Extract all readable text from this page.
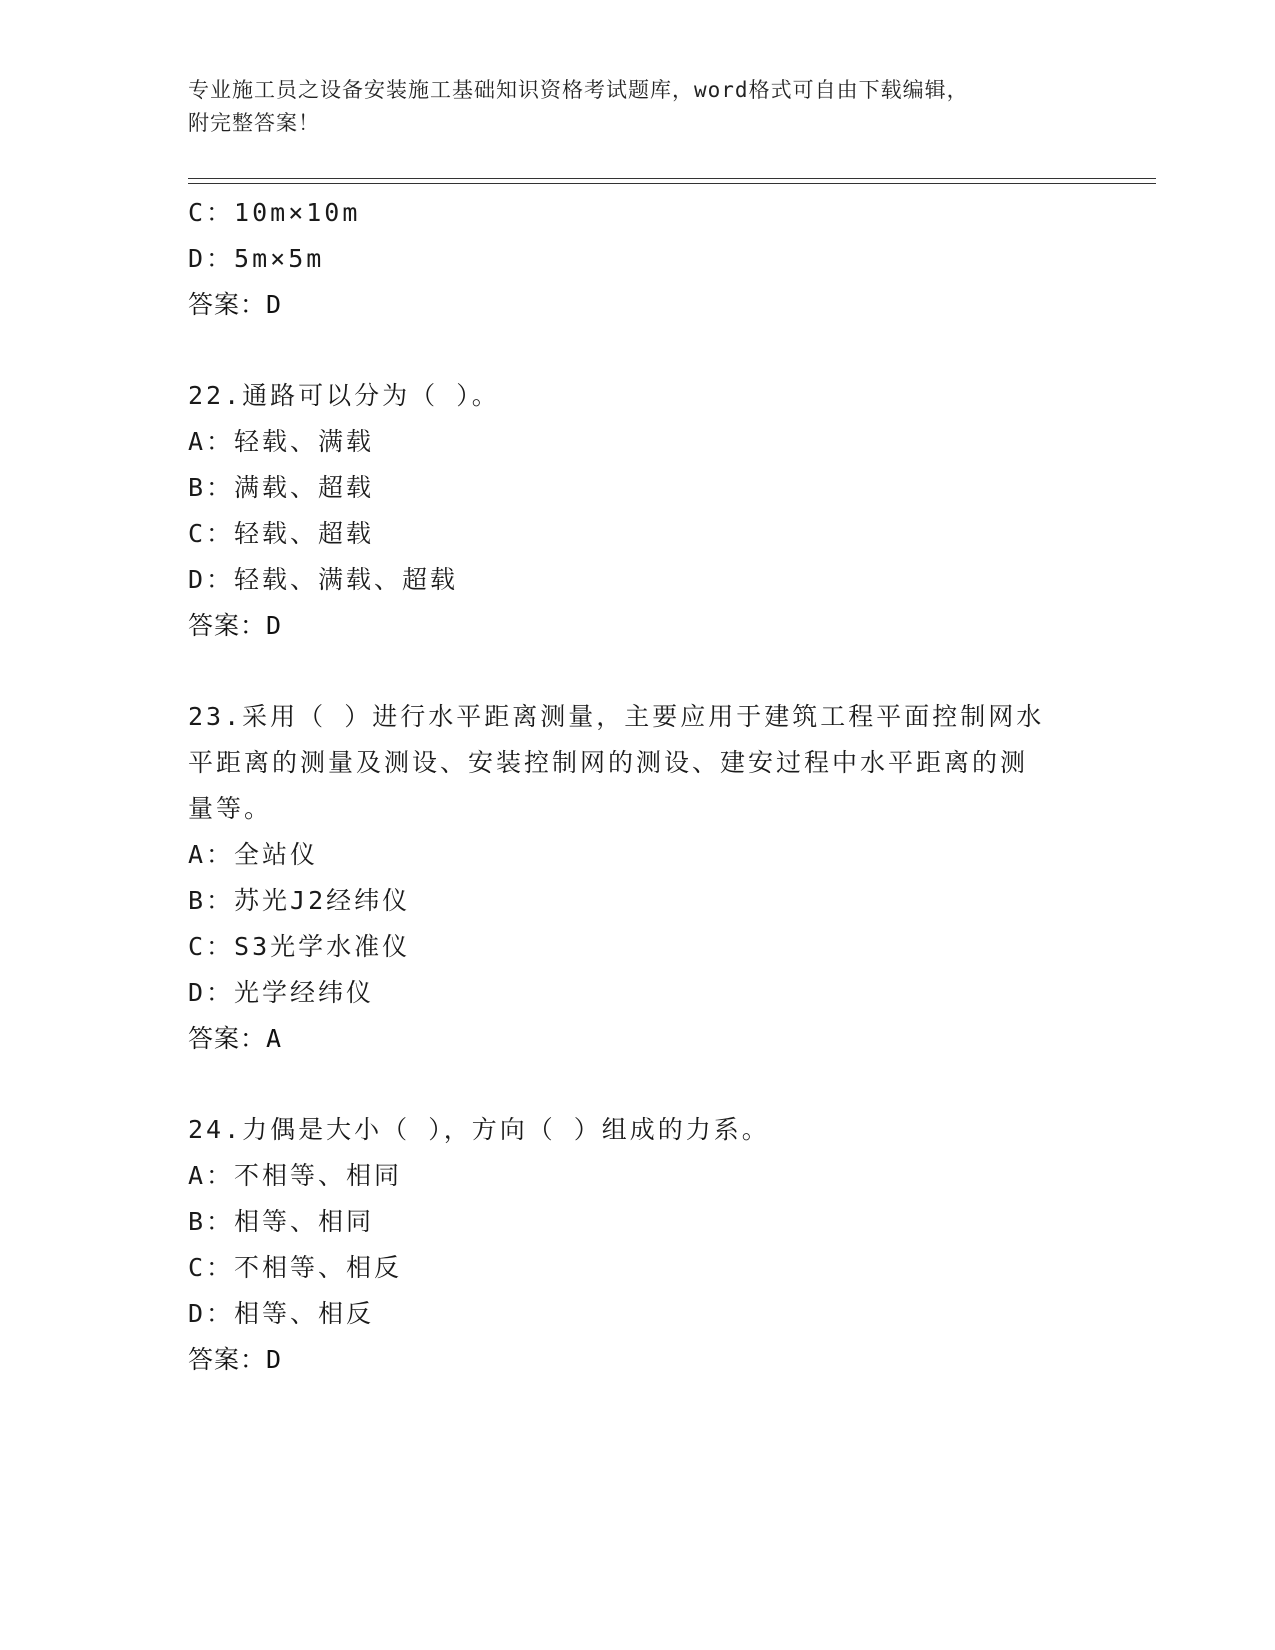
专业施工员之设备安装施工基础知识资格考试题库，word格式可自由下载编辑，
附完整答案！
C：10m×10m
D：5m×5m
答案：D
22.通路可以分为（ ）。
A：轻载、满载
B：满载、超载
C：轻载、超载
D：轻载、满载、超载
答案：D
23.采用（ ）进行水平距离测量，主要应用于建筑工程平面控制网水
平距离的测量及测设、安装控制网的测设、建安过程中水平距离的测
量等。
A：全站仪
B：苏光J2经纬仪
C：S3光学水准仪
D：光学经纬仪
答案：A
24.力偶是大小（ ），方向（ ）组成的力系。
A：不相等、相同
B：相等、相同
C：不相等、相反
D：相等、相反
答案：D
